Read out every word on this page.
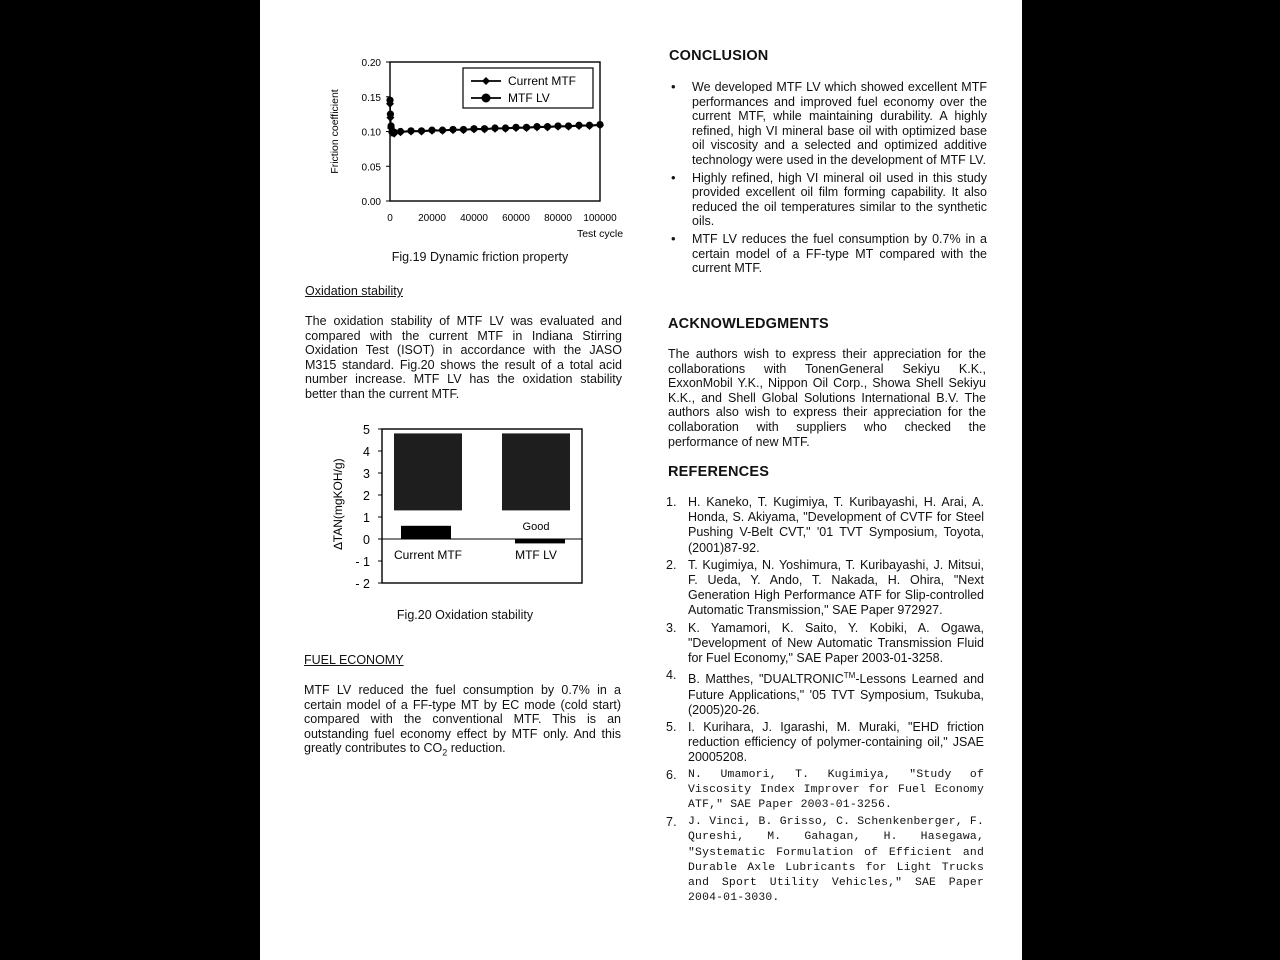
0.00
0.05
0.10
0.15
0.20
0	20000 40000 60000 80000 100000
Test cycle
Friction coefficient
Current MTF
MTF LV
Fig.19 Dynamic friction property
Oxidation stability

The oxidation stability of MTF LV was evaluated and compared with the current MTF in Indiana Stirring Oxidation Test (ISOT) in accordance with the JASO M315 standard. Fig.20 shows the result of a total acid number increase. MTF LV has the oxidation stability better than the current MTF.

5
4
3
2
1
0
- 1
- 2
∆TAN(mgKOH/g)
Current MTF	MTF LV
Good
Fig.20 Oxidation stability
FUEL ECONOMY

MTF LV reduced the fuel consumption by 0.7% in a certain model of a FF-type MT by EC mode (cold start) compared with the conventional MTF. This is an outstanding fuel economy effect by MTF only. And this greatly contributes to $CO_2$ reduction.

CONCLUSION
• We developed MTF LV which showed excellent MTF performances and improved fuel economy over the current MTF, while maintaining durability. A highly refined, high VI mineral base oil with optimized base oil viscosity and a selected and optimized additive technology were used in the development of MTF LV.
• Highly refined, high VI mineral oil used in this study provided excellent oil film forming capability. It also reduced the oil temperatures similar to the synthetic oils.
• MTF LV reduces the fuel consumption by 0.7% in a certain model of a FF-type MT compared with the current MTF.
ACKNOWLEDGMENTS

The authors wish to express their appreciation for the collaborations with TonenGeneral Sekiyu K.K., ExxonMobil Y.K., Nippon Oil Corp., Showa Shell Sekiyu K.K., and Shell Global Solutions International B.V. The authors also wish to express their appreciation for the collaboration with suppliers who checked the performance of new MTF.

REFERENCES
1. H. Kaneko, T. Kugimiya, T. Kuribayashi, H. Arai, A. Honda, S. Akiyama, "Development of CVTF for Steel Pushing V-Belt CVT," '01 TVT Symposium, Toyota, (2001)87-92.
2. T. Kugimiya, N. Yoshimura, T. Kuribayashi, J. Mitsui, F. Ueda, Y. Ando, T. Nakada, H. Ohira, "Next Generation High Performance ATF for Slip-controlled Automatic Transmission," SAE Paper 972927.
3. K. Yamamori, K. Saito, Y. Kobiki, A. Ogawa, "Development of New Automatic Transmission Fluid for Fuel Economy," SAE Paper 2003-01-3258.
4. B. Matthes, "DUALTRONIC™-Lessons Learned and Future Applications," '05 TVT Symposium, Tsukuba, (2005)20-26.
5. I. Kurihara, J. Igarashi, M. Muraki, "EHD friction reduction efficiency of polymer-containing oil," JSAE 20005208.
6. N. Umamori, T. Kugimiya, "Study of Viscosity Index Improver for Fuel Economy ATF," SAE Paper 2003-01-3256.
7. J. Vinci, B. Grisso, C. Schenkenberger, F. Qureshi, M. Gahagan, H. Hasegawa, "Systematic Formulation of Efficient and Durable Axle Lubricants for Light Trucks and Sport Utility Vehicles," SAE Paper 2004-01-3030.
